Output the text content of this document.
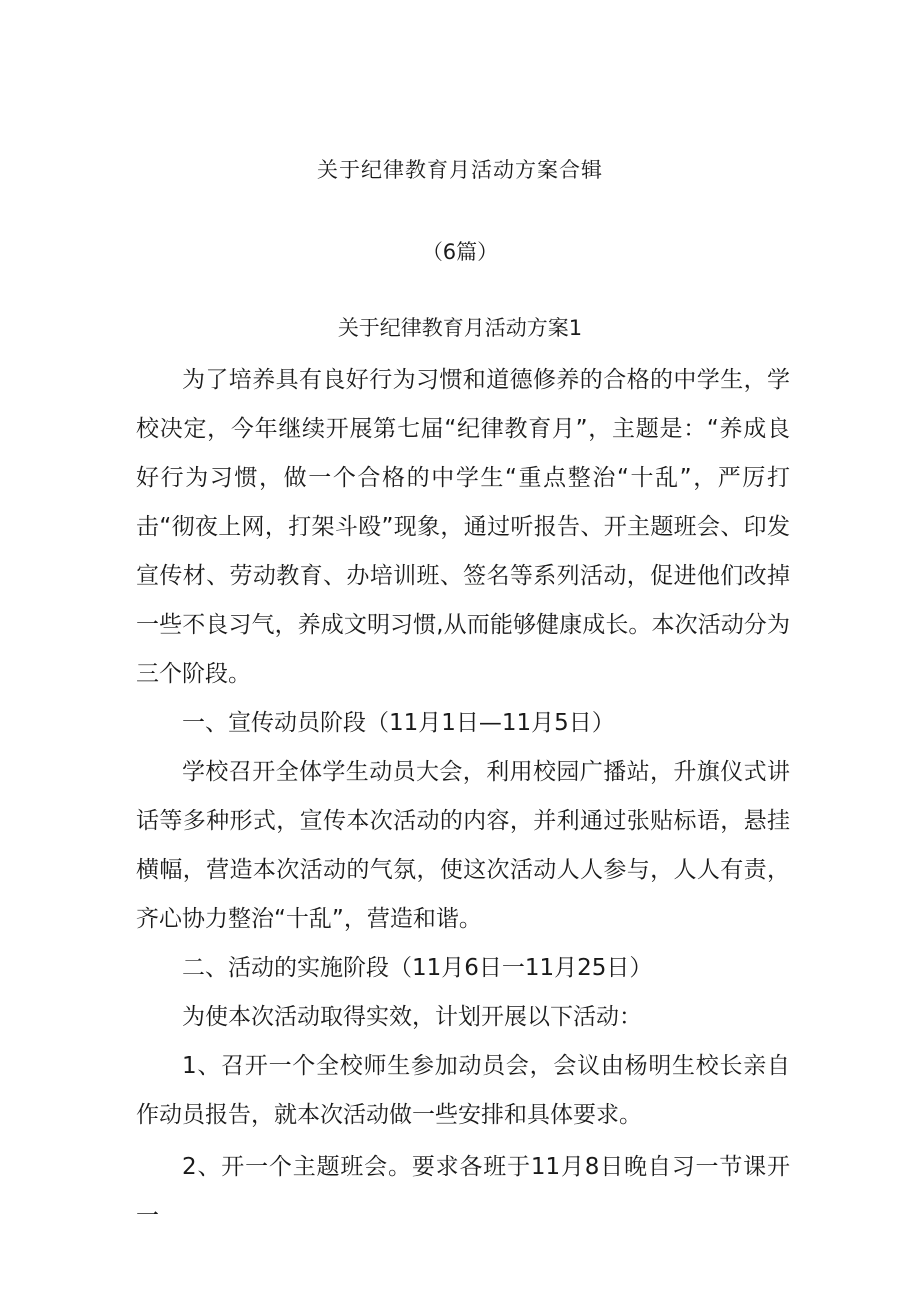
关于纪律教育月活动方案合辑
（6篇）
关于纪律教育月活动方案1

为了培养具有良好行为习惯和道德修养的合格的中学生，学校决定，今年继续开展第七届“纪律教育月”，主题是：“养成良好行为习惯，做一个合格的中学生“重点整治“十乱”，严厉打击“彻夜上网，打架斗殴”现象，通过听报告、开主题班会、印发宣传材、劳动教育、办培训班、签名等系列活动，促进他们改掉一些不良习气，养成文明习惯,从而能够健康成长。本次活动分为三个阶段。

一、宣传动员阶段（11月1日—11月5日）

学校召开全体学生动员大会，利用校园广播站，升旗仪式讲话等多种形式，宣传本次活动的内容，并利通过张贴标语，悬挂横幅，营造本次活动的气氛，使这次活动人人参与，人人有责，齐心协力整治“十乱”，营造和谐。

二、活动的实施阶段（11月6日一11月25日）

为使本次活动取得实效，计划开展以下活动：

1、召开一个全校师生参加动员会，会议由杨明生校长亲自作动员报告，就本次活动做一些安排和具体要求。

2、开一个主题班会。要求各班于11月8日晚自习一节课开一
